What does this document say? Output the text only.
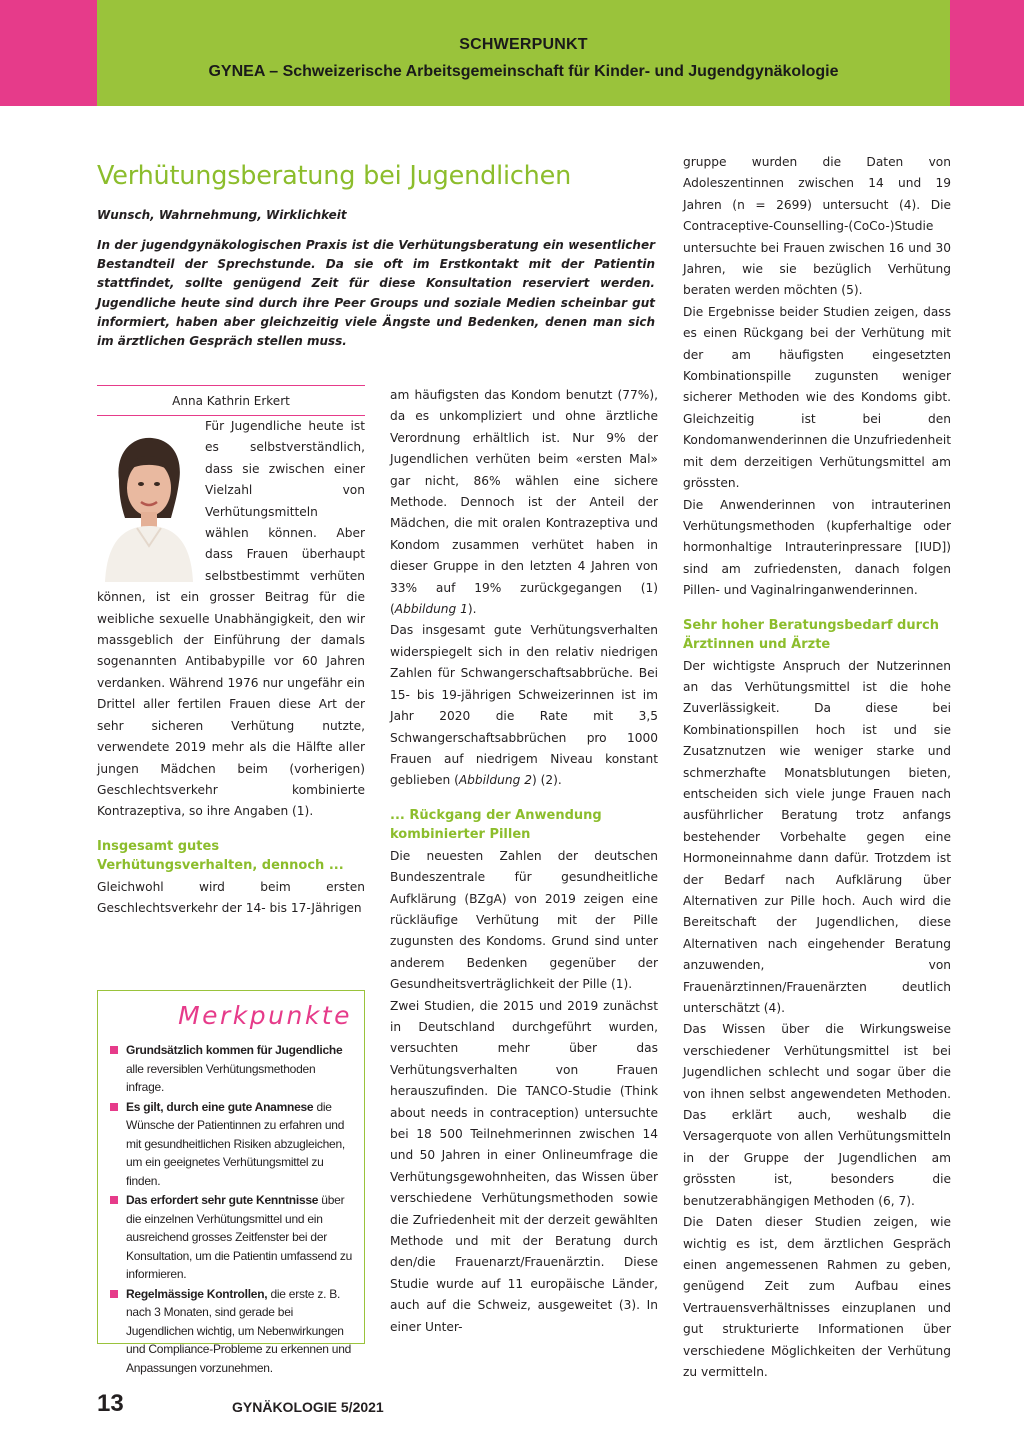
SCHWERPUNKT
GYNEA – Schweizerische Arbeitsgemeinschaft für Kinder- und Jugendgynäkologie
Verhütungsberatung bei Jugendlichen
Wunsch, Wahrnehmung, Wirklichkeit

In der jugendgynäkologischen Praxis ist die Verhütungsberatung ein wesentlicher Bestandteil der Sprechstunde. Da sie oft im Erstkontakt mit der Patientin stattfindet, sollte genügend Zeit für diese Konsultation reserviert werden. Jugendliche heute sind durch ihre Peer Groups und soziale Medien scheinbar gut informiert, haben aber gleichzeitig viele Ängste und Bedenken, denen man sich im ärztlichen Gespräch stellen muss.

Anna Kathrin Erkert

Für Jugendliche heute ist es selbstverständlich, dass sie zwischen einer Vielzahl von Verhütungsmitteln wählen können. Aber dass Frauen überhaupt selbstbestimmt verhüten können, ist ein grosser Beitrag für die weibliche sexuelle Unabhängigkeit, den wir massgeblich der Einführung der damals sogenannten Antibabypille vor 60 Jahren verdanken. Während 1976 nur ungefähr ein Drittel aller fertilen Frauen diese Art der sehr sicheren Verhütung nutzte, verwendete 2019 mehr als die Hälfte aller jungen Mädchen beim (vorherigen) Geschlechtsverkehr kombinierte Kontrazeptiva, so ihre Angaben (1).

Insgesamt gutes Verhütungsverhalten, dennoch ...

Gleichwohl wird beim ersten Geschlechtsverkehr der 14- bis 17-Jährigen

Merkpunkte
Grundsätzlich kommen für Jugendliche alle reversiblen Verhütungsmethoden infrage.
Es gilt, durch eine gute Anamnese die Wünsche der Patientinnen zu erfahren und mit gesundheitlichen Risiken abzugleichen, um ein geeignetes Verhütungsmittel zu finden.
Das erfordert sehr gute Kenntnisse über die einzelnen Verhütungsmittel und ein ausreichend grosses Zeitfenster bei der Konsultation, um die Patientin umfassend zu informieren.
Regelmässige Kontrollen, die erste z. B. nach 3 Monaten, sind gerade bei Jugendlichen wichtig, um Nebenwirkungen und Compliance-Probleme zu erkennen und Anpassungen vorzunehmen.

am häufigsten das Kondom benutzt (77%), da es unkompliziert und ohne ärztliche Verordnung erhältlich ist. Nur 9% der Jugendlichen verhüten beim «ersten Mal» gar nicht, 86% wählen eine sichere Methode. Dennoch ist der Anteil der Mädchen, die mit oralen Kontrazeptiva und Kondom zusammen verhütet haben in dieser Gruppe in den letzten 4 Jahren von 33% auf 19% zurückgegangen (1) (Abbildung 1).

Das insgesamt gute Verhütungsverhalten widerspiegelt sich in den relativ niedrigen Zahlen für Schwangerschaftsabbrüche. Bei 15- bis 19-jährigen Schweizerinnen ist im Jahr 2020 die Rate mit 3,5 Schwangerschaftsabbrüchen pro 1000 Frauen auf niedrigem Niveau konstant geblieben (Abbildung 2) (2).

... Rückgang der Anwendung kombinierter Pillen

Die neuesten Zahlen der deutschen Bundeszentrale für gesundheitliche Aufklärung (BZgA) von 2019 zeigen eine rückläufige Verhütung mit der Pille zugunsten des Kondoms. Grund sind unter anderem Bedenken gegenüber der Gesundheitsverträglichkeit der Pille (1).

Zwei Studien, die 2015 und 2019 zunächst in Deutschland durchgeführt wurden, versuchten mehr über das Verhütungsverhalten von Frauen herauszufinden. Die TANCO-Studie (Think about needs in contraception) untersuchte bei 18 500 Teilnehmerinnen zwischen 14 und 50 Jahren in einer Onlineumfrage die Verhütungsgewohnheiten, das Wissen über verschiedene Verhütungsmethoden sowie die Zufriedenheit mit der derzeit gewählten Methode und mit der Beratung durch den/die Frauenarzt/Frauenärztin. Diese Studie wurde auf 11 europäische Länder, auch auf die Schweiz, ausgeweitet (3). In einer Unter-

gruppe wurden die Daten von Adoleszentinnen zwischen 14 und 19 Jahren (n = 2699) untersucht (4). Die Contraceptive-Counselling-(CoCo-)Studie untersuchte bei Frauen zwischen 16 und 30 Jahren, wie sie bezüglich Verhütung beraten werden möchten (5).

Die Ergebnisse beider Studien zeigen, dass es einen Rückgang bei der Verhütung mit der am häufigsten eingesetzten Kombinationspille zugunsten weniger sicherer Methoden wie des Kondoms gibt. Gleichzeitig ist bei den Kondomanwenderinnen die Unzufriedenheit mit dem derzeitigen Verhütungsmittel am grössten.

Die Anwenderinnen von intrauterinen Verhütungsmethoden (kupferhaltige oder hormonhaltige Intrauterinpressare [IUD]) sind am zufriedensten, danach folgen Pillen- und Vaginalringanwenderinnen.

Sehr hoher Beratungsbedarf durch Ärztinnen und Ärzte

Der wichtigste Anspruch der Nutzerinnen an das Verhütungsmittel ist die hohe Zuverlässigkeit. Da diese bei Kombinationspillen hoch ist und sie Zusatznutzen wie weniger starke und schmerzhafte Monatsblutungen bieten, entscheiden sich viele junge Frauen nach ausführlicher Beratung trotz anfangs bestehender Vorbehalte gegen eine Hormoneinnahme dann dafür. Trotzdem ist der Bedarf nach Aufklärung über Alternativen zur Pille hoch. Auch wird die Bereitschaft der Jugendlichen, diese Alternativen nach eingehender Beratung anzuwenden, von Frauenärztinnen/Frauenärzten deutlich unterschätzt (4).

Das Wissen über die Wirkungsweise verschiedener Verhütungsmittel ist bei Jugendlichen schlecht und sogar über die von ihnen selbst angewendeten Methoden. Das erklärt auch, weshalb die Versagerquote von allen Verhütungsmitteln in der Gruppe der Jugendlichen am grössten ist, besonders die benutzerabhängigen Methoden (6, 7).

Die Daten dieser Studien zeigen, wie wichtig es ist, dem ärztlichen Gespräch einen angemessenen Rahmen zu geben, genügend Zeit zum Aufbau eines Vertrauensverhältnisses einzuplanen und gut strukturierte Informationen über verschiedene Möglichkeiten der Verhütung zu vermitteln.

13	GYNÄKOLOGIE 5/2021
